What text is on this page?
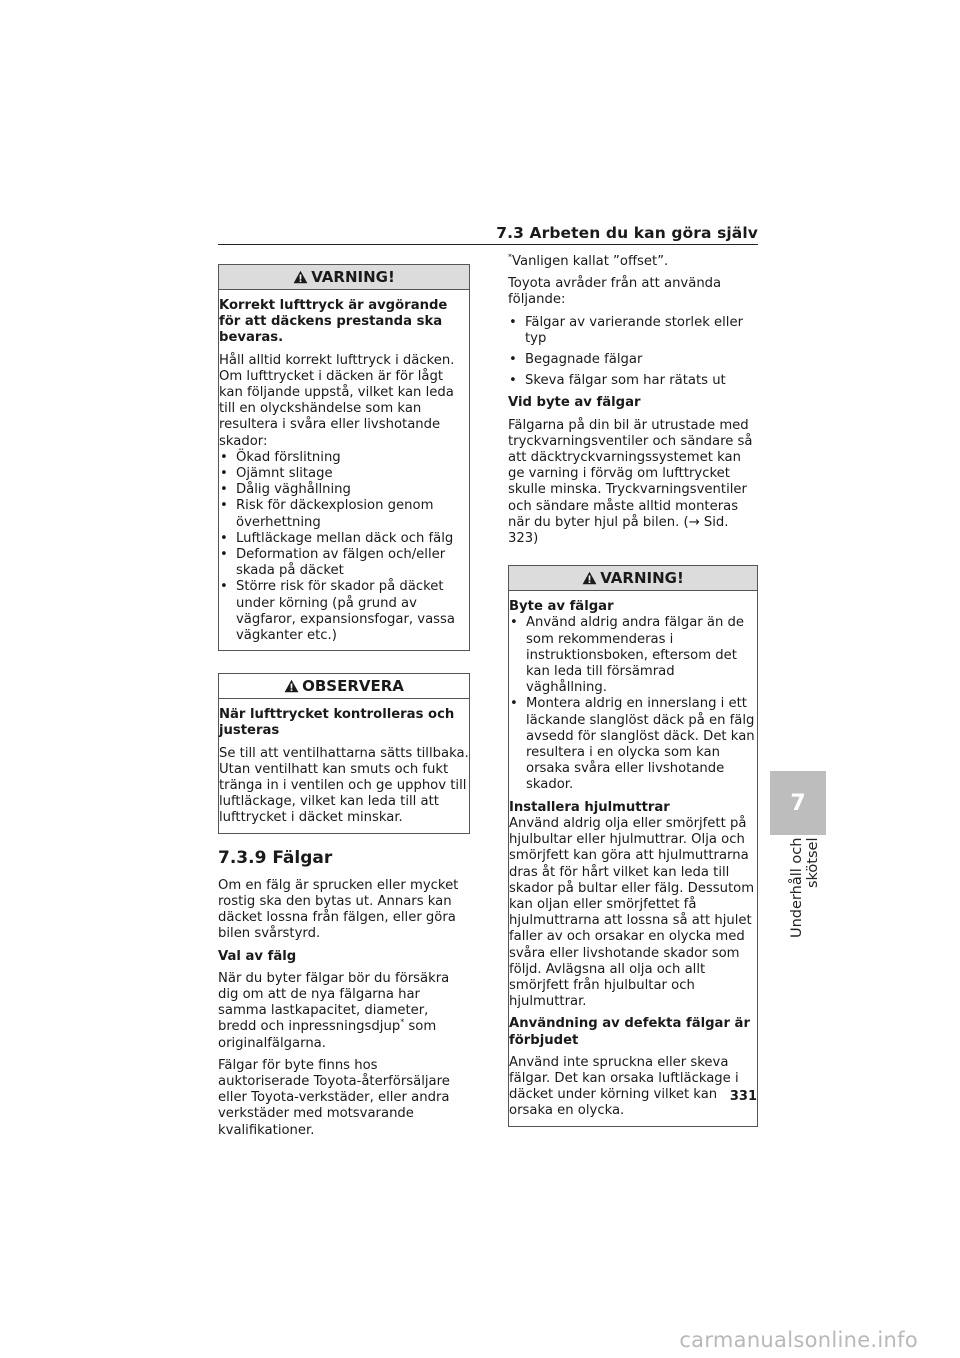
7.3 Arbeten du kan göra själv
VARNING!

Korrekt lufttryck är avgörande för att däckens prestanda ska bevaras.

Håll alltid korrekt lufttryck i däcken. Om lufttrycket i däcken är för lågt kan följande uppstå, vilket kan leda till en olyckshändelse som kan resultera i svåra eller livshotande skador:

• Ökad förslitning
• Ojämnt slitage
• Dålig väghållning
• Risk för däckexplosion genom överhettning
• Luftläckage mellan däck och fälg
• Deformation av fälgen och/eller skada på däcket
• Större risk för skador på däcket under körning (på grund av vägfaror, expansionsfogar, vassa vägkanter etc.)
OBSERVERA

När lufttrycket kontrolleras och justeras

Se till att ventilhattarna sätts tillbaka. Utan ventilhatt kan smuts och fukt tränga in i ventilen och ge upphov till luftläckage, vilket kan leda till att lufttrycket i däcket minskar.

7.3.9 Fälgar

Om en fälg är sprucken eller mycket rostig ska den bytas ut. Annars kan däcket lossna från fälgen, eller göra bilen svårstyrd.

Val av fälg

När du byter fälgar bör du försäkra dig om att de nya fälgarna har samma lastkapacitet, diameter, bredd och inpressningsdjup* som originalfälgarna.

Fälgar för byte finns hos auktoriserade Toyota-återförsäljare eller Toyota-verkstäder, eller andra verkstäder med motsvarande kvalifikationer.

*Vanligen kallat ”offset”.

Toyota avråder från att använda följande:

• Fälgar av varierande storlek eller typ
• Begagnade fälgar
• Skeva fälgar som har rätats ut

Vid byte av fälgar

Fälgarna på din bil är utrustade med tryckvarningsventiler och sändare så att däcktryckvarningssystemet kan ge varning i förväg om lufttrycket skulle minska. Tryckvarningsventiler och sändare måste alltid monteras när du byter hjul på bilen. (→ Sid. 323)

VARNING!

Byte av fälgar

• Använd aldrig andra fälgar än de som rekommenderas i instruktionsboken, eftersom det kan leda till försämrad väghållning.
• Montera aldrig en innerslang i ett läckande slanglöst däck på en fälg avsedd för slanglöst däck. Det kan resultera i en olycka som kan orsaka svåra eller livshotande skador.

Installera hjulmuttrar

Använd aldrig olja eller smörjfett på hjulbultar eller hjulmuttrar. Olja och smörjfett kan göra att hjulmuttrarna dras åt för hårt vilket kan leda till skador på bultar eller fälg. Dessutom kan oljan eller smörjfettet få hjulmuttrarna att lossna så att hjulet faller av och orsakar en olycka med svåra eller livshotande skador som följd. Avlägsna all olja och allt smörjfett från hjulbultar och hjulmuttrar.

Användning av defekta fälgar är förbjudet

Använd inte spruckna eller skeva fälgar. Det kan orsaka luftläckage i däcket under körning vilket kan orsaka en olycka.

7
Underhåll och skötsel
331
carmanualsonline.info
